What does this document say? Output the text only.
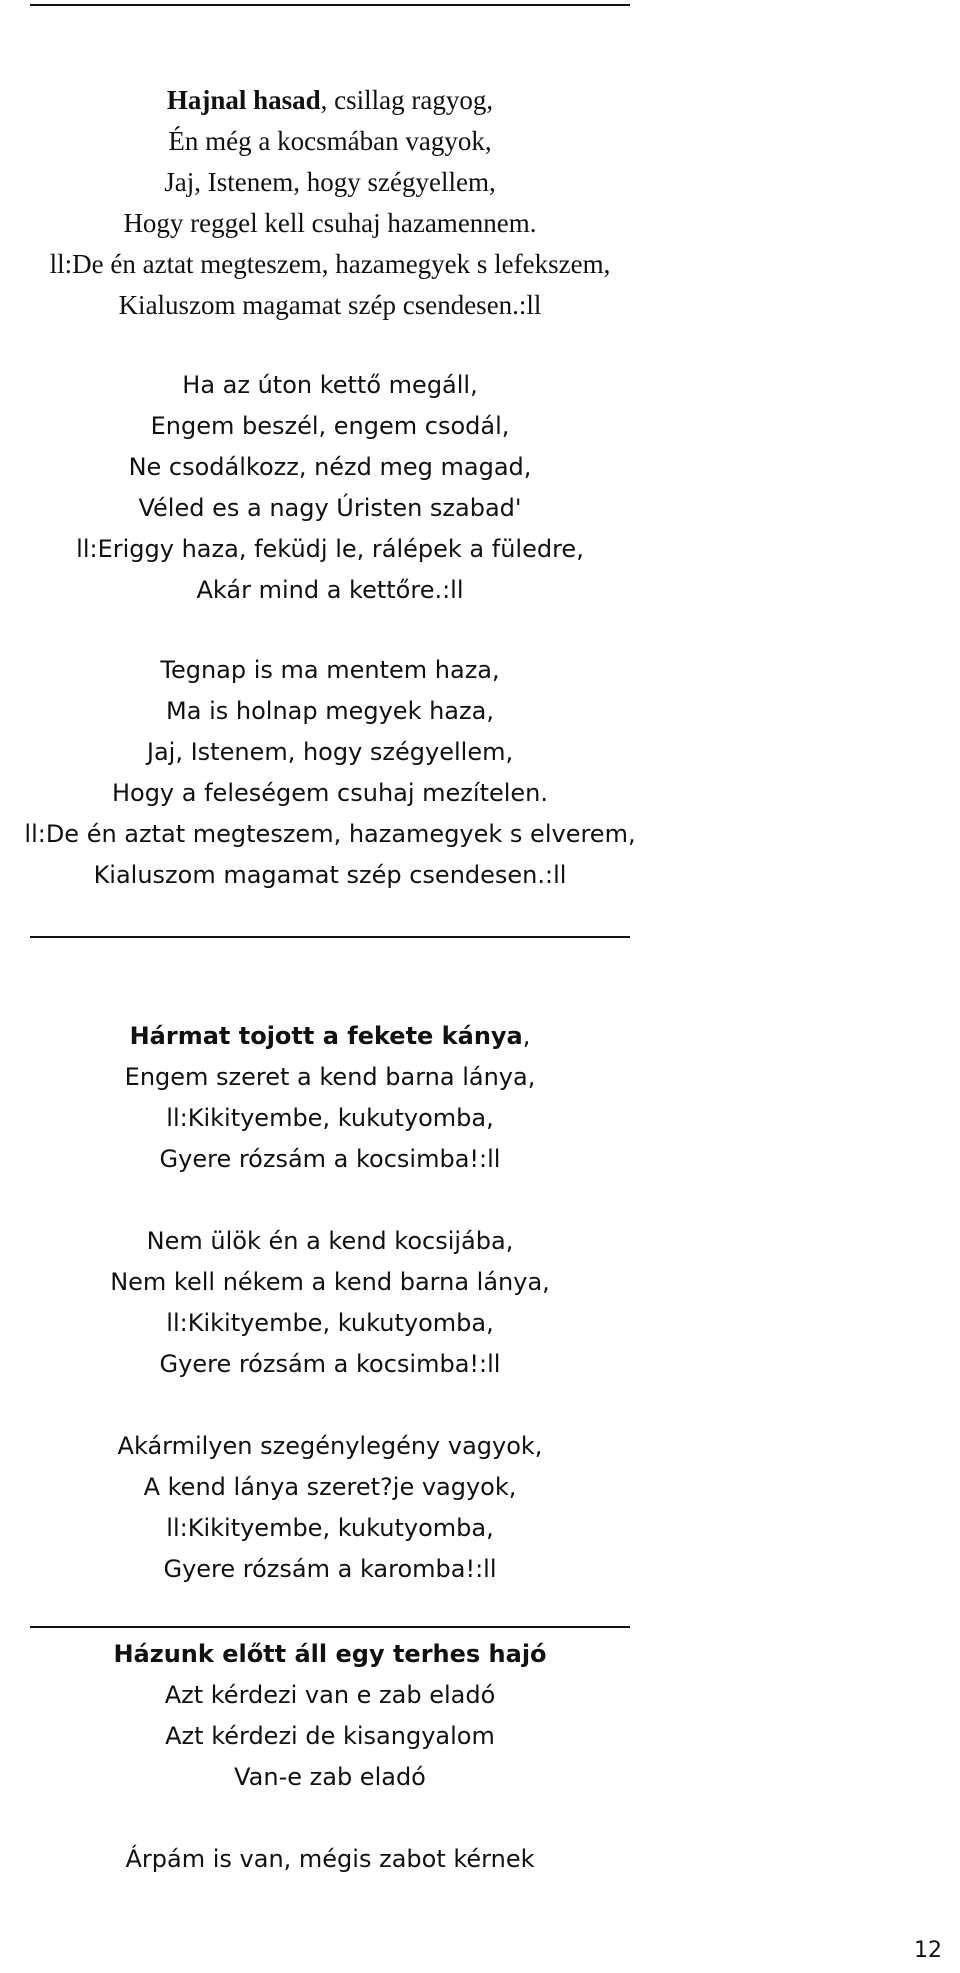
Hajnal hasad, csillag ragyog,
Én még a kocsmában vagyok,
Jaj, Istenem, hogy szégyellem,
Hogy reggel kell csuhaj hazamennem.
ll:De én aztat megteszem, hazamegyek s lefekszem,
Kialuszom magamat szép csendesen.:ll
Ha az úton kettő megáll,
Engem beszél, engem csodál,
Ne csodálkozz, nézd meg magad,
Véled es a nagy Úristen szabad'
ll:Eriggy haza, feküdj le, rálépek a füledre,
Akár mind a kettőre.:ll
Tegnap is ma mentem haza,
Ma is holnap megyek haza,
Jaj, Istenem, hogy szégyellem,
Hogy a feleségem csuhaj mezítelen.
ll:De én aztat megteszem, hazamegyek s elverem,
Kialuszom magamat szép csendesen.:ll
Hármat tojott a fekete kánya,
Engem szeret a kend barna lánya,
ll:Kikityembe, kukutyomba,
Gyere rózsám a kocsimba!:ll
Nem ülök én a kend kocsijába,
Nem kell nékem a kend barna lánya,
ll:Kikityembe, kukutyomba,
Gyere rózsám a kocsimba!:ll
Akármilyen szegénylegény vagyok,
A kend lánya szeret?je vagyok,
ll:Kikityembe, kukutyomba,
Gyere rózsám a karomba!:ll
Házunk előtt áll egy terhes hajó
Azt kérdezi van e zab eladó
Azt kérdezi de kisangyalom
Van-e zab eladó
Árpám is van, mégis zabot kérnek
12
